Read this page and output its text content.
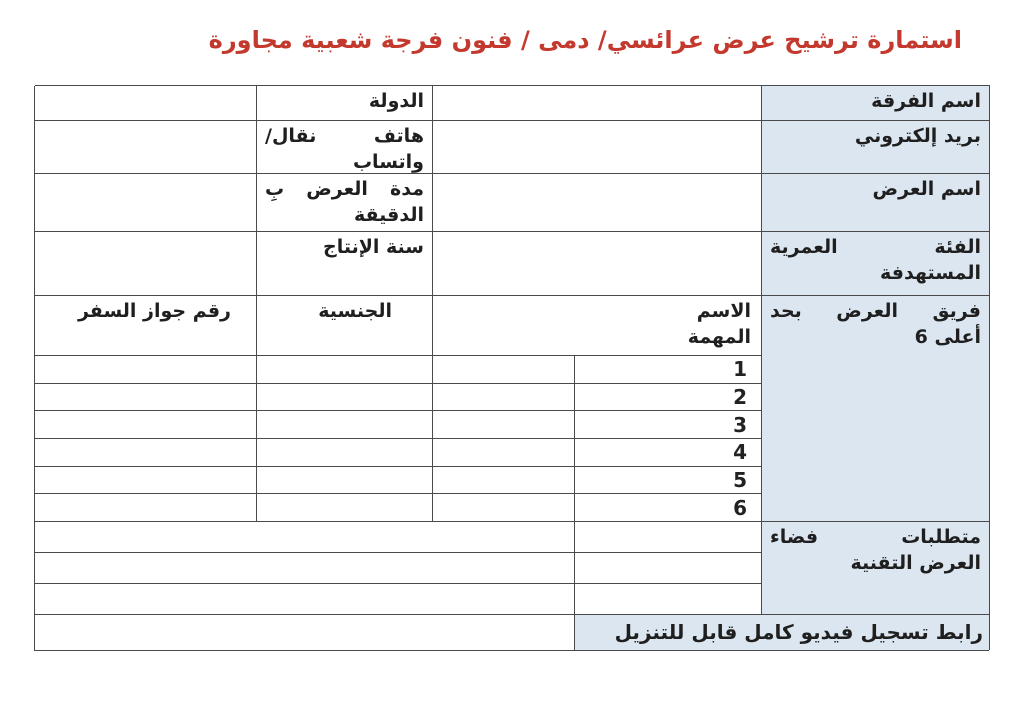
استمارة ترشيح عرض عرائسي/ دمى / فنون فرجة شعبية مجاورة
اسم الفرقة
الدولة
بريد إلكتروني
هاتف
نقال/
واتساب
اسم العرض
مدة
العرض
بِ
الدقيقة
الفئة
العمرية
المستهدفة
سنة الإنتاج
فريق
العرض
بحد
أعلى 6
الاسم
المهمة
الجنسية
رقم جواز السفر
1
2
3
4
5
6
متطلبات
فضاء
العرض التقنية
رابط تسجيل فيديو كامل قابل للتنزيل
